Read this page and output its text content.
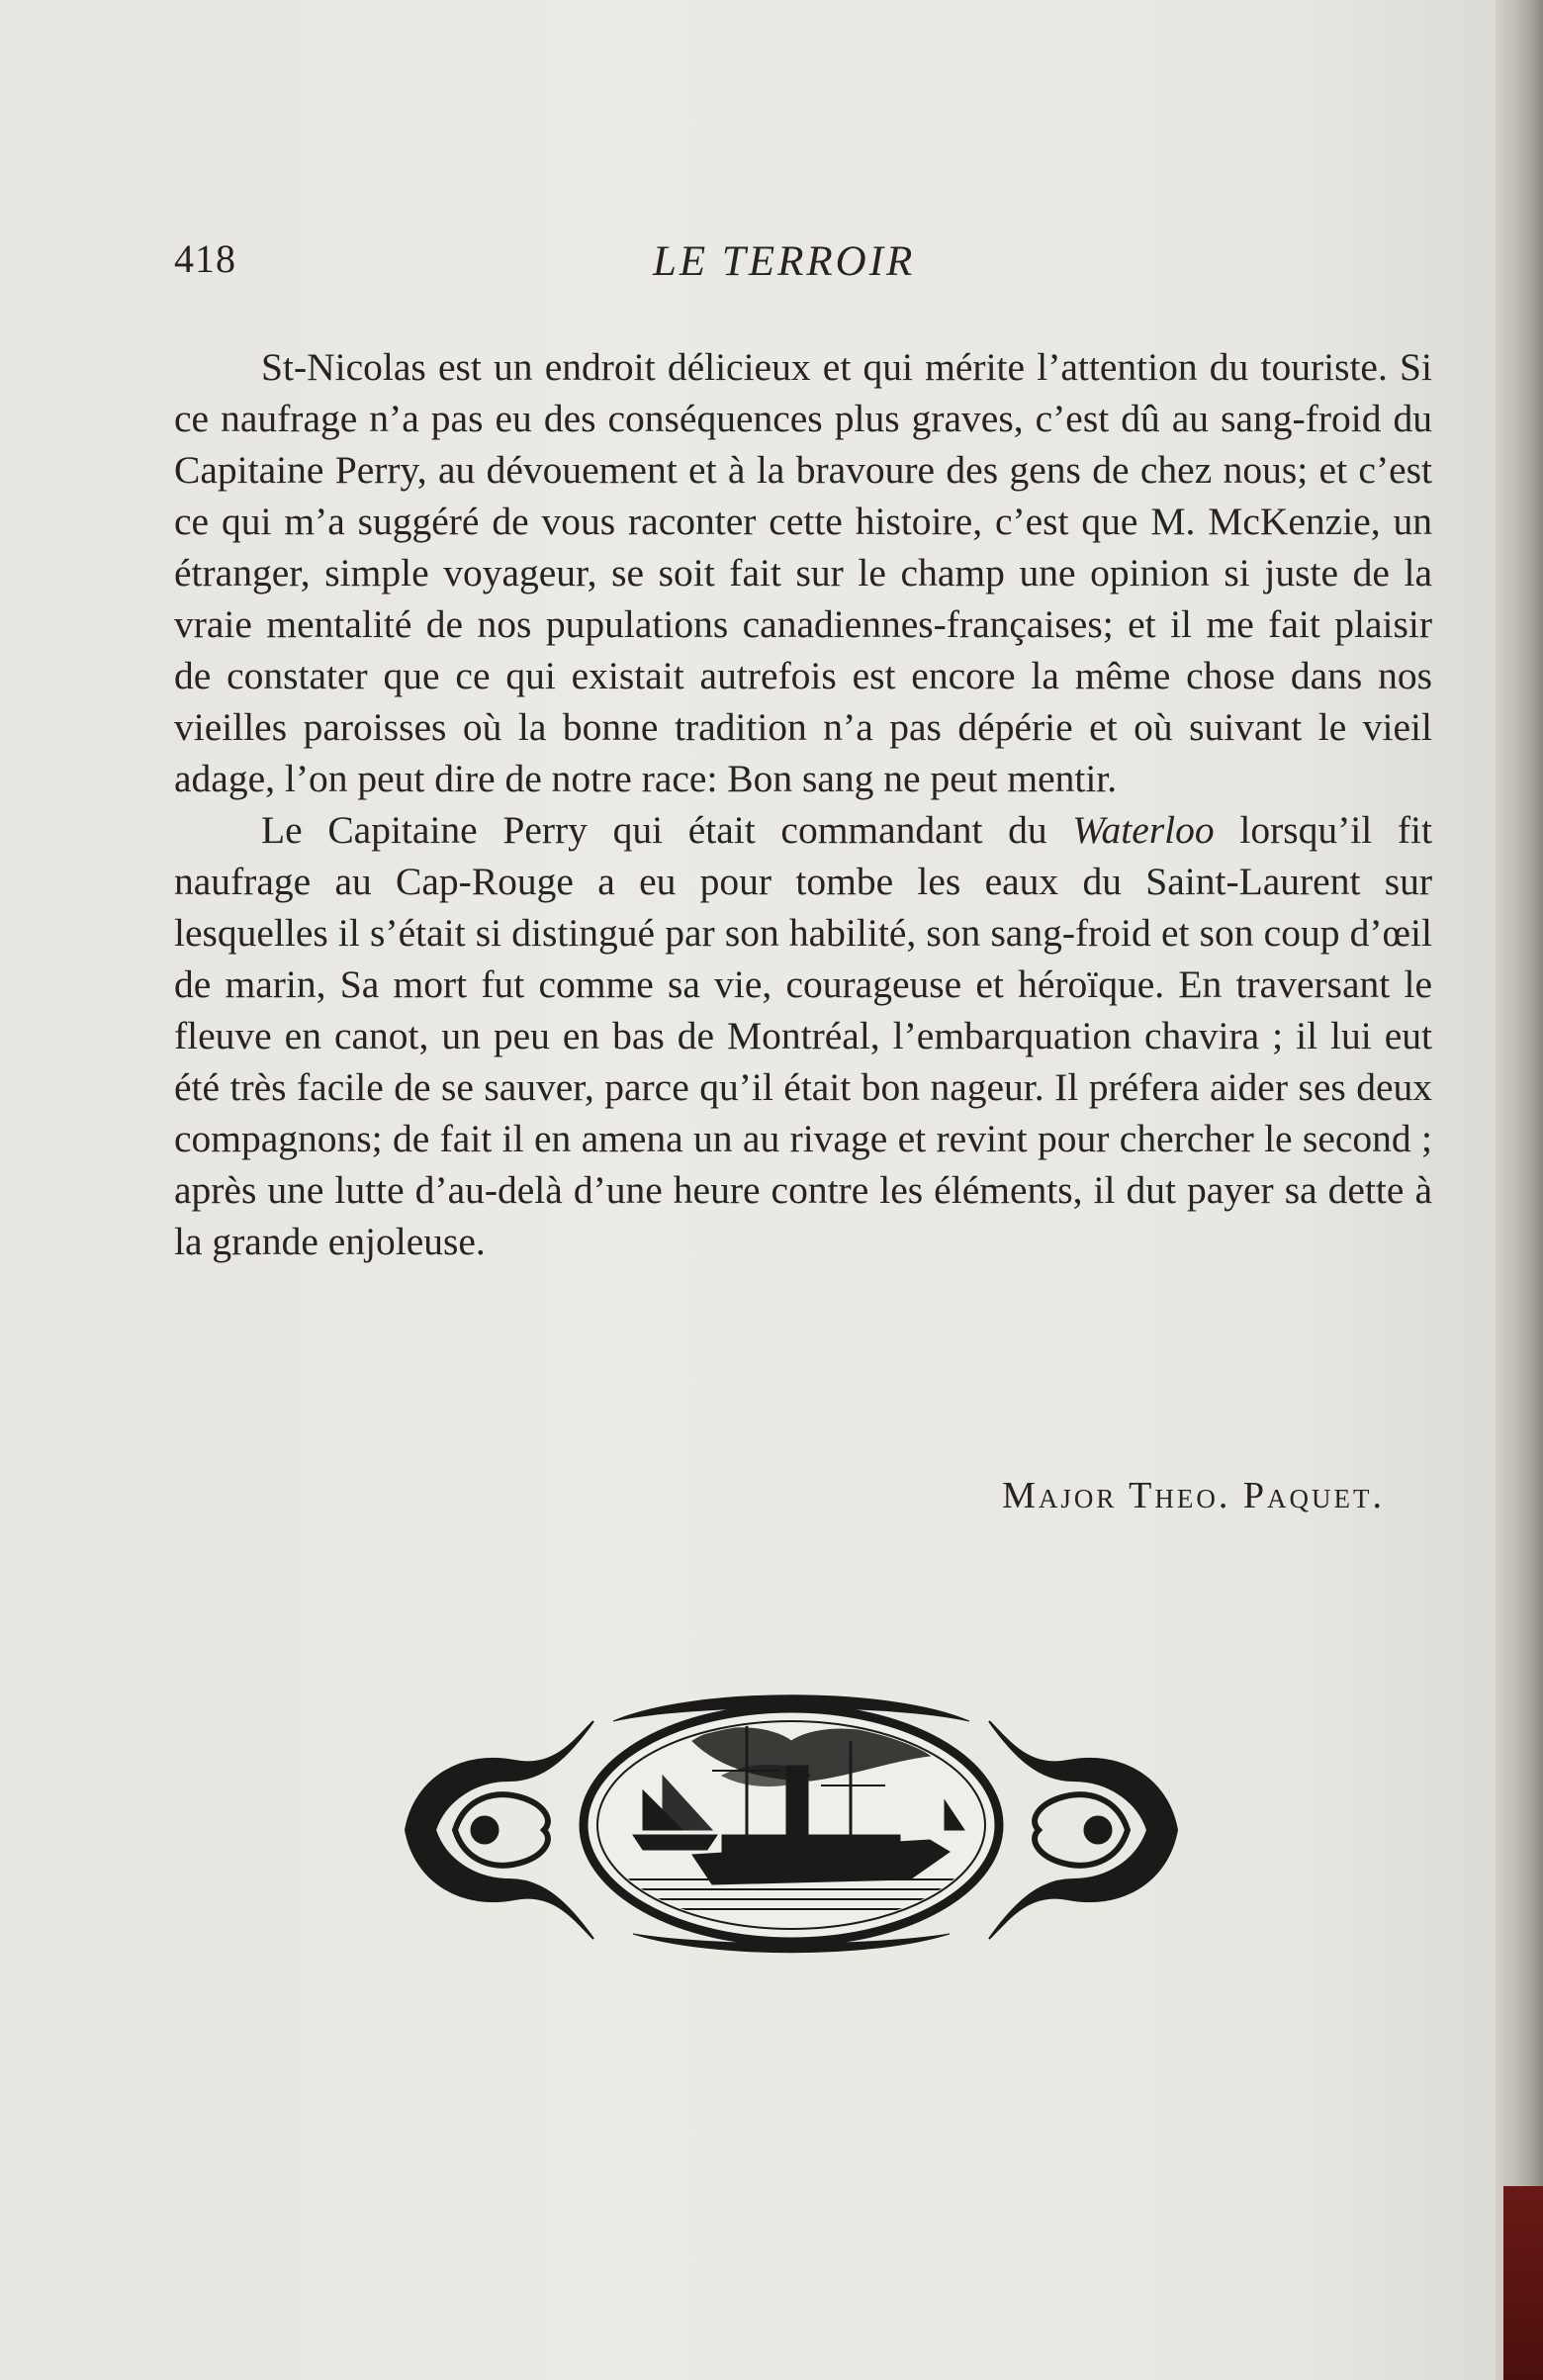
418	LE TERROIR

St-Nicolas est un endroit délicieux et qui mérite l’attention du touriste. Si ce naufrage n’a pas eu des conséquences plus graves, c’est dû au sang-froid du Capitaine Perry, au dévouement et à la bravoure des gens de chez nous; et c’est ce qui m’a suggéré de vous raconter cette histoire, c’est que M. McKenzie, un étranger, simple voyageur, se soit fait sur le champ une opinion si juste de la vraie mentalité de nos pupulations canadiennes-françaises; et il me fait plaisir de constater que ce qui existait autrefois est encore la même chose dans nos vieilles paroisses où la bonne tradition n’a pas dépérie et où suivant le vieil adage, l’on peut dire de notre race: Bon sang ne peut mentir.

Le Capitaine Perry qui était commandant du Waterloo lorsqu’il fit naufrage au Cap-Rouge a eu pour tombe les eaux du Saint-Laurent sur lesquelles il s’était si distingué par son habilité, son sang-froid et son coup d’œil de marin, Sa mort fut comme sa vie, courageuse et héroïque. En traversant le fleuve en canot, un peu en bas de Montréal, l’embarquation chavira ; il lui eut été très facile de se sauver, parce qu’il était bon nageur. Il préfera aider ses deux compagnons; de fait il en amena un au rivage et revint pour chercher le second ; après une lutte d’au-delà d’une heure contre les éléments, il dut payer sa dette à la grande enjoleuse.

Major Theo. Paquet.
